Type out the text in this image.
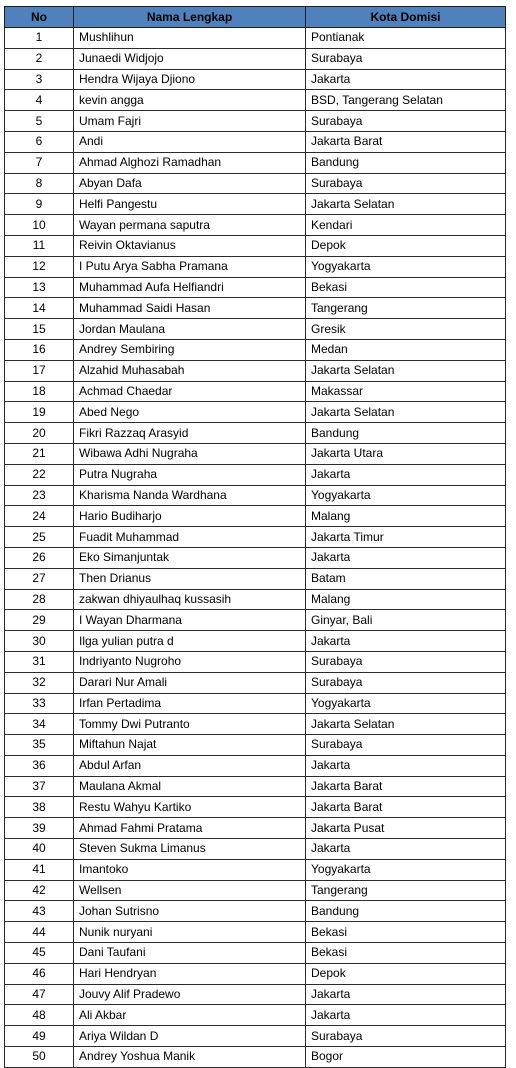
No	Nama Lengkap	Kota Domisi
1	Mushlihun	Pontianak
2	Junaedi Widjojo	Surabaya
3	Hendra Wijaya Djiono	Jakarta
4	kevin angga	BSD, Tangerang Selatan
5	Umam Fajri	Surabaya
6	Andi	Jakarta Barat
7	Ahmad Alghozi Ramadhan	Bandung
8	Abyan Dafa	Surabaya
9	Helfi Pangestu	Jakarta Selatan
10	Wayan permana saputra	Kendari
11	Reivin Oktavianus	Depok
12	I Putu Arya Sabha Pramana	Yogyakarta
13	Muhammad Aufa Helfiandri	Bekasi
14	Muhammad Saidi Hasan	Tangerang
15	Jordan Maulana	Gresik
16	Andrey Sembiring	Medan
17	Alzahid Muhasabah	Jakarta Selatan
18	Achmad Chaedar	Makassar
19	Abed Nego	Jakarta Selatan
20	Fikri Razzaq Arasyid	Bandung
21	Wibawa Adhi Nugraha	Jakarta Utara
22	Putra Nugraha	Jakarta
23	Kharisma Nanda Wardhana	Yogyakarta
24	Hario Budiharjo	Malang
25	Fuadit Muhammad	Jakarta Timur
26	Eko Simanjuntak	Jakarta
27	Then Drianus	Batam
28	zakwan dhiyaulhaq kussasih	Malang
29	I Wayan Dharmana	Ginyar, Bali
30	Ilga yulian putra d	Jakarta
31	Indriyanto Nugroho	Surabaya
32	Darari Nur Amali	Surabaya
33	Irfan Pertadima	Yogyakarta
34	Tommy Dwi Putranto	Jakarta Selatan
35	Miftahun Najat	Surabaya
36	Abdul Arfan	Jakarta
37	Maulana Akmal	Jakarta Barat
38	Restu Wahyu Kartiko	Jakarta Barat
39	Ahmad Fahmi Pratama	Jakarta Pusat
40	Steven Sukma Limanus	Jakarta
41	Imantoko	Yogyakarta
42	Wellsen	Tangerang
43	Johan Sutrisno	Bandung
44	Nunik nuryani	Bekasi
45	Dani Taufani	Bekasi
46	Hari Hendryan	Depok
47	Jouvy Alif Pradewo	Jakarta
48	Ali Akbar	Jakarta
49	Ariya Wildan D	Surabaya
50	Andrey Yoshua Manik	Bogor
